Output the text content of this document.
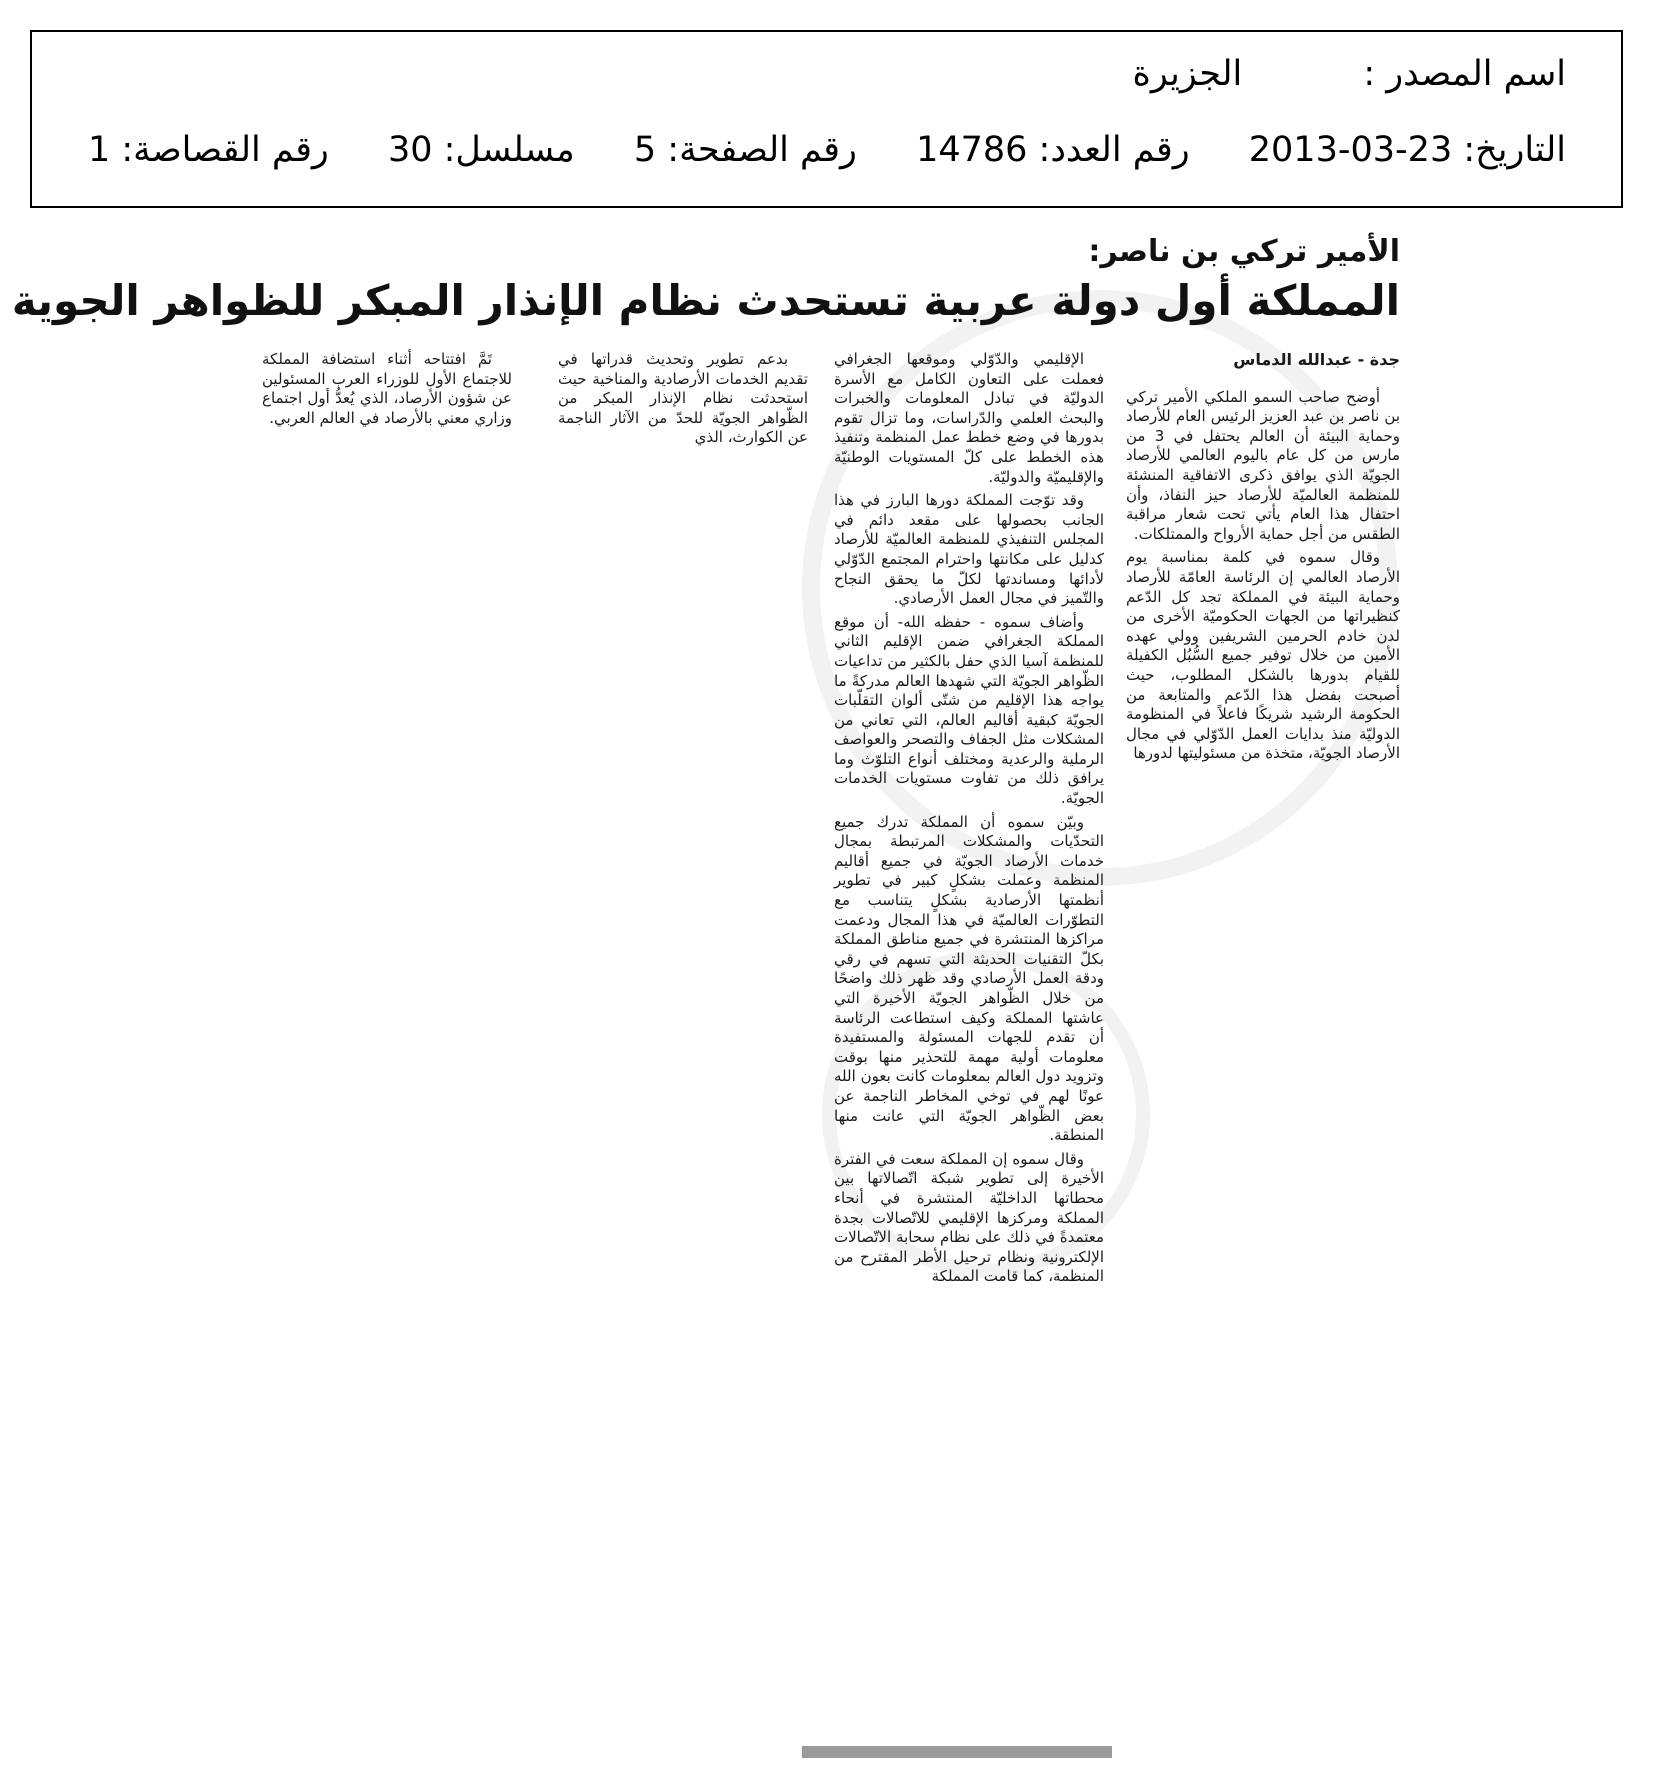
اسم المصدر : الجزيرة
التاريخ: 23-03-2013 رقم العدد: 14786 رقم الصفحة: 5 مسلسل: 30 رقم القصاصة: 1
الأمير تركي بن ناصر:
المملكة أول دولة عربية تستحدث نظام الإنذار المبكر للظواهر الجوية

جدة - عبدالله الدماس

أوضح صاحب السمو الملكي الأمير تركي بن ناصر بن عبد العزيز الرئيس العام للأرصاد وحماية البيئة أن العالم يحتفل في 3 من مارس من كل عام باليوم العالمي للأرصاد الجويّة الذي يوافق ذكرى الاتفاقية المنشئة للمنظمة العالميّة للأرصاد حيز النفاذ، وأن احتفال هذا العام يأتي تحت شعار مراقبة الطقس من أجل حماية الأرواح والممتلكات.

وقال سموه في كلمة بمناسبة يوم الأرصاد العالمي إن الرئاسة العامّة للأرصاد وحماية البيئة في المملكة تجد كل الدّعم كنظيراتها من الجهات الحكوميّة الأخرى من لدن خادم الحرمين الشريفين وولي عهده الأمين من خلال توفير جميع السُّبُل الكفيلة للقيام بدورها بالشكل المطلوب، حيث أصبحت بفضل هذا الدّعم والمتابعة من الحكومة الرشيد شريكًا فاعلاً في المنظومة الدوليّة منذ بدايات العمل الدّوّلي في مجال الأرصاد الجويّة، متخذة من مسئوليتها لدورها

الإقليمي والدّوّلي وموقعها الجغرافي فعملت على التعاون الكامل مع الأسرة الدوليّة في تبادل المعلومات والخبرات والبحث العلمي والدّراسات، وما تزال تقوم بدورها في وضع خطط عمل المنظمة وتنفيذ هذه الخطط على كلّ المستويات الوطنيّة والإقليميّة والدوليّة.

وقد توّجت المملكة دورها البارز في هذا الجانب بحصولها على مقعد دائم في المجلس التنفيذي للمنظمة العالميّة للأرصاد كدليل على مكانتها واحترام المجتمع الدّوّلي لأدائها ومساندتها لكلّ ما يحقق النجاح والتّميز في مجال العمل الأرصادي.

وأضاف سموه - حفظه الله- أن موقع المملكة الجغرافي ضمن الإقليم الثاني للمنظمة آسيا الذي حفل بالكثير من تداعيات الظّواهر الجويّة التي شهدها العالم مدركةً ما يواجه هذا الإقليم من شتّى ألوان التقلّبات الجويّة كبقية أقاليم العالم، التي تعاني من المشكلات مثل الجفاف والتصحر والعواصف الرملية والرعدية ومختلف أنواع التلوّث وما يرافق ذلك من تفاوت مستويات الخدمات الجويّة.

وبيّن سموه أن المملكة تدرك جميع التحدّيات والمشكلات المرتبطة بمجال خدمات الأرصاد الجويّة في جميع أقاليم المنظمة وعملت بشكلٍ كبير في تطوير أنظمتها الأرصادية بشكلٍ يتناسب مع التطوّرات العالميّة في هذا المجال ودعمت مراكزها المنتشرة في جميع مناطق المملكة بكلّ التقنيات الحديثة التي تسهم في رقي ودقة العمل الأرصادي وقد ظهر ذلك واضحًا من خلال الظّواهر الجويّة الأخيرة التي عاشتها المملكة وكيف استطاعت الرئاسة أن تقدم للجهات المسئولة والمستفيدة معلومات أولية مهمة للتحذير منها بوقت وتزويد دول العالم بمعلومات كانت بعون الله عونًا لهم في توخي المخاطر الناجمة عن بعض الظّواهر الجويّة التي عانت منها المنطقة.

وقال سموه إن المملكة سعت في الفترة الأخيرة إلى تطوير شبكة اتّصالاتها بين محطاتها الداخليّة المنتشرة في أنحاء المملكة ومركزها الإقليمي للاتّصالات بجدة معتمدةً في ذلك على نظام سحابة الاتّصالات الإلكترونية ونظام ترحيل الأطر المقترح من المنظمة، كما قامت المملكة

بدعم تطوير وتحديث قدراتها في تقديم الخدمات الأرصادية والمناخية حيث استحدثت نظام الإنذار المبكر من الظّواهر الجويّة للحدّ من الآثار الناجمة عن الكوارث، الذي

تَمَّ افتتاحه أثناء استضافة المملكة للاجتماع الأول للوزراء العرب المسئولين عن شؤون الأرصاد، الذي يُعدُّ أول اجتماع وزاري معني بالأرصاد في العالم العربي.
